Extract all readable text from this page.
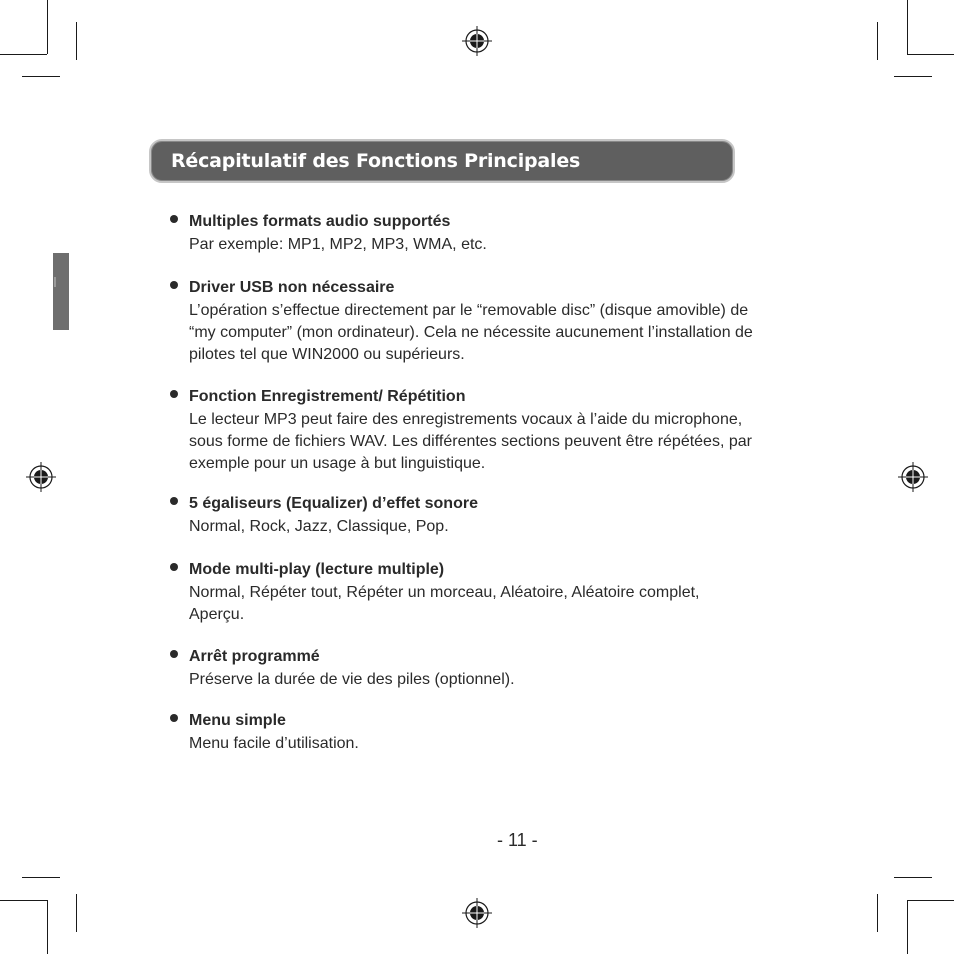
Récapitulatif des Fonctions Principales
Multiples formats audio supportés

Par exemple: MP1, MP2, MP3, WMA, etc.

Driver USB non nécessaire

L’opération s’effectue directement par le “removable disc” (disque amovible) de
“my computer” (mon ordinateur). Cela ne nécessite aucunement l’installation de
pilotes tel que WIN2000 ou supérieurs.

Fonction Enregistrement/ Répétition

Le lecteur MP3 peut faire des enregistrements vocaux à l’aide du microphone,
sous forme de fichiers WAV. Les différentes sections peuvent être répétées, par
exemple pour un usage à but linguistique.

5 égaliseurs (Equalizer) d’effet sonore

Normal, Rock, Jazz, Classique, Pop.

Mode multi-play (lecture multiple)

Normal, Répéter tout, Répéter un morceau, Aléatoire, Aléatoire complet,
Aperçu.

Arrêt programmé

Préserve la durée de vie des piles (optionnel).

Menu simple

Menu facile d’utilisation.

- 11 -
